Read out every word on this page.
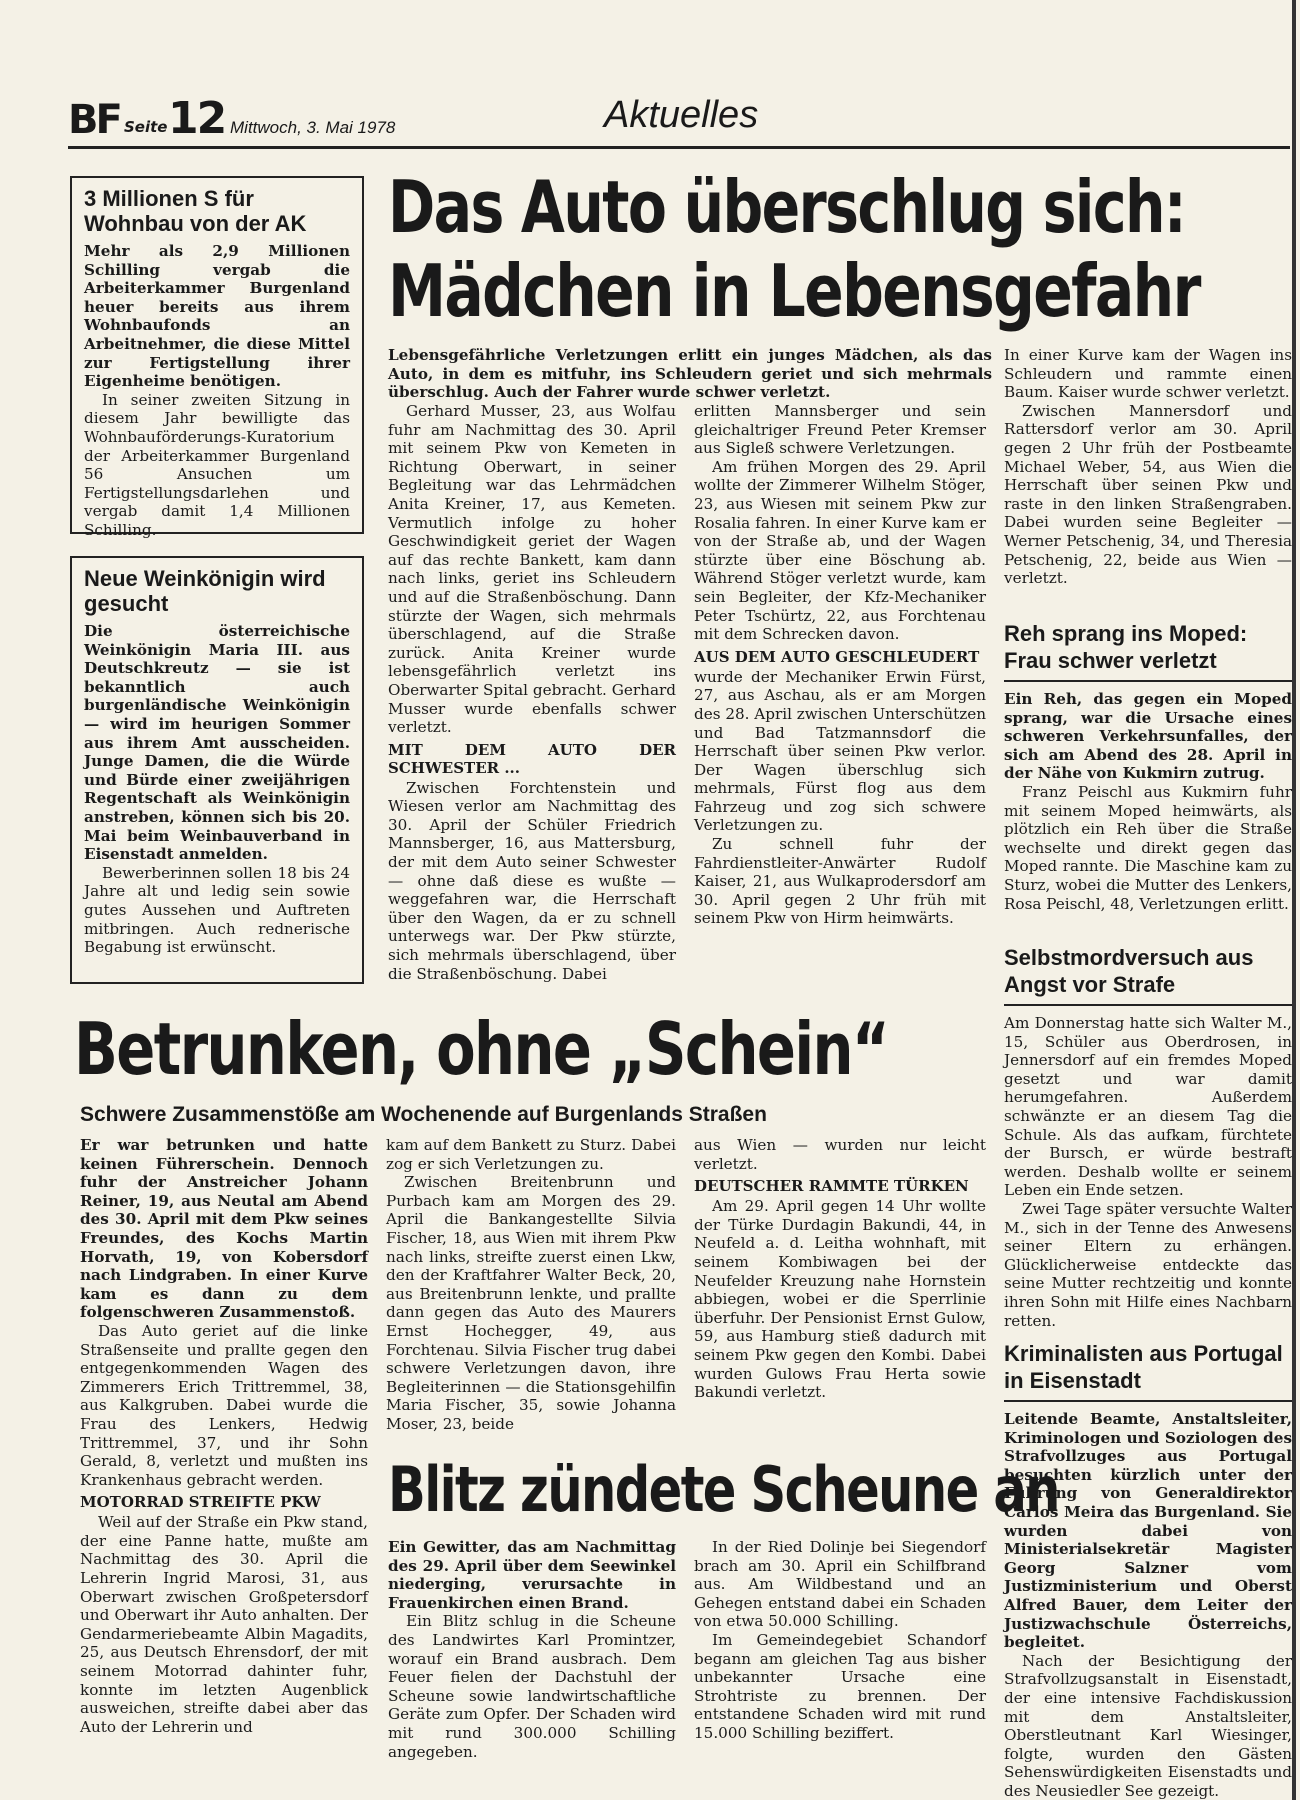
BF Seite 12 Mittwoch, 3. Mai 1978	Aktuelles
3 Millionen S für Wohnbau von der AK

Mehr als 2,9 Millionen Schilling vergab die Arbeiterkammer Burgenland heuer bereits aus ihrem Wohnbaufonds an Arbeitnehmer, die diese Mittel zur Fertigstellung ihrer Eigenheime benötigen.

In seiner zweiten Sitzung in diesem Jahr bewilligte das Wohnbauförderungs-Kuratorium der Arbeiterkammer Burgenland 56 Ansuchen um Fertigstellungsdarlehen und vergab damit 1,4 Millionen Schilling.

Neue Weinkönigin wird gesucht

Die österreichische Weinkönigin Maria III. aus Deutschkreutz — sie ist bekanntlich auch burgenländische Weinkönigin — wird im heurigen Sommer aus ihrem Amt ausscheiden. Junge Damen, die die Würde und Bürde einer zweijährigen Regentschaft als Weinkönigin anstreben, können sich bis 20. Mai beim Weinbauverband in Eisenstadt anmelden.

Bewerberinnen sollen 18 bis 24 Jahre alt und ledig sein sowie gutes Aussehen und Auftreten mitbringen. Auch rednerische Begabung ist erwünscht.

Das Auto überschlug sich:
Mädchen in Lebensgefahr

Lebensgefährliche Verletzungen erlitt ein junges Mädchen, als das Auto, in dem es mitfuhr, ins Schleudern geriet und sich mehrmals überschlug. Auch der Fahrer wurde schwer verletzt.

Gerhard Musser, 23, aus Wolfau fuhr am Nachmittag des 30. April mit seinem Pkw von Kemeten in Richtung Oberwart, in seiner Begleitung war das Lehrmädchen Anita Kreiner, 17, aus Kemeten. Vermutlich infolge zu hoher Geschwindigkeit geriet der Wagen auf das rechte Bankett, kam dann nach links, geriet ins Schleudern und auf die Straßenböschung. Dann stürzte der Wagen, sich mehrmals überschlagend, auf die Straße zurück. Anita Kreiner wurde lebensgefährlich verletzt ins Oberwarter Spital gebracht. Gerhard Musser wurde ebenfalls schwer verletzt.

MIT DEM AUTO DER SCHWESTER ...

Zwischen Forchtenstein und Wiesen verlor am Nachmittag des 30. April der Schüler Friedrich Mannsberger, 16, aus Mattersburg, der mit dem Auto seiner Schwester — ohne daß diese es wußte — weggefahren war, die Herrschaft über den Wagen, da er zu schnell unterwegs war. Der Pkw stürzte, sich mehrmals überschlagend, über die Straßenböschung. Dabei

erlitten Mannsberger und sein gleichaltriger Freund Peter Kremser aus Sigleß schwere Verletzungen.

Am frühen Morgen des 29. April wollte der Zimmerer Wilhelm Stöger, 23, aus Wiesen mit seinem Pkw zur Rosalia fahren. In einer Kurve kam er von der Straße ab, und der Wagen stürzte über eine Böschung ab. Während Stöger verletzt wurde, kam sein Begleiter, der Kfz-Mechaniker Peter Tschürtz, 22, aus Forchtenau mit dem Schrecken davon.

AUS DEM AUTO GESCHLEUDERT

wurde der Mechaniker Erwin Fürst, 27, aus Aschau, als er am Morgen des 28. April zwischen Unterschützen und Bad Tatzmannsdorf die Herrschaft über seinen Pkw verlor. Der Wagen überschlug sich mehrmals, Fürst flog aus dem Fahrzeug und zog sich schwere Verletzungen zu.

Zu schnell fuhr der Fahrdienstleiter-Anwärter Rudolf Kaiser, 21, aus Wulkaprodersdorf am 30. April gegen 2 Uhr früh mit seinem Pkw von Hirm heimwärts.

In einer Kurve kam der Wagen ins Schleudern und rammte einen Baum. Kaiser wurde schwer verletzt.

Zwischen Mannersdorf und Rattersdorf verlor am 30. April gegen 2 Uhr früh der Postbeamte Michael Weber, 54, aus Wien die Herrschaft über seinen Pkw und raste in den linken Straßengraben. Dabei wurden seine Begleiter — Werner Petschenig, 34, und Theresia Petschenig, 22, beide aus Wien — verletzt.

Reh sprang ins Moped: Frau schwer verletzt

Ein Reh, das gegen ein Moped sprang, war die Ursache eines schweren Verkehrsunfalles, der sich am Abend des 28. April in der Nähe von Kukmirn zutrug.

Franz Peischl aus Kukmirn fuhr mit seinem Moped heimwärts, als plötzlich ein Reh über die Straße wechselte und direkt gegen das Moped rannte. Die Maschine kam zu Sturz, wobei die Mutter des Lenkers, Rosa Peischl, 48, Verletzungen erlitt.

Selbstmordversuch aus Angst vor Strafe

Am Donnerstag hatte sich Walter M., 15, Schüler aus Oberdrosen, in Jennersdorf auf ein fremdes Moped gesetzt und war damit herumgefahren. Außerdem schwänzte er an diesem Tag die Schule. Als das aufkam, fürchtete der Bursch, er würde bestraft werden. Deshalb wollte er seinem Leben ein Ende setzen.

Zwei Tage später versuchte Walter M., sich in der Tenne des Anwesens seiner Eltern zu erhängen. Glücklicherweise entdeckte das seine Mutter rechtzeitig und konnte ihren Sohn mit Hilfe eines Nachbarn retten.

Kriminalisten aus Portugal in Eisenstadt

Leitende Beamte, Anstaltsleiter, Kriminologen und Soziologen des Strafvollzuges aus Portugal besuchten kürzlich unter der Führung von Generaldirektor Carlos Meira das Burgenland. Sie wurden dabei von Ministerialsekretär Magister Georg Salzner vom Justizministerium und Oberst Alfred Bauer, dem Leiter der Justizwachschule Österreichs, begleitet.

Nach der Besichtigung der Strafvollzugsanstalt in Eisenstadt, der eine intensive Fachdiskussion mit dem Anstaltsleiter, Oberstleutnant Karl Wiesinger, folgte, wurden den Gästen Sehenswürdigkeiten Eisenstadts und des Neusiedler See gezeigt.

Betrunken, ohne „Schein“
Schwere Zusammenstöße am Wochenende auf Burgenlands Straßen

Er war betrunken und hatte keinen Führerschein. Dennoch fuhr der Anstreicher Johann Reiner, 19, aus Neutal am Abend des 30. April mit dem Pkw seines Freundes, des Kochs Martin Horvath, 19, von Kobersdorf nach Lindgraben. In einer Kurve kam es dann zu dem folgenschweren Zusammenstoß.

Das Auto geriet auf die linke Straßenseite und prallte gegen den entgegenkommenden Wagen des Zimmerers Erich Trittremmel, 38, aus Kalkgruben. Dabei wurde die Frau des Lenkers, Hedwig Trittremmel, 37, und ihr Sohn Gerald, 8, verletzt und mußten ins Krankenhaus gebracht werden.

MOTORRAD STREIFTE PKW

Weil auf der Straße ein Pkw stand, der eine Panne hatte, mußte am Nachmittag des 30. April die Lehrerin Ingrid Marosi, 31, aus Oberwart zwischen Großpetersdorf und Oberwart ihr Auto anhalten. Der Gendarmeriebeamte Albin Magadits, 25, aus Deutsch Ehrensdorf, der mit seinem Motorrad dahinter fuhr, konnte im letzten Augenblick ausweichen, streifte dabei aber das Auto der Lehrerin und

kam auf dem Bankett zu Sturz. Dabei zog er sich Verletzungen zu.

Zwischen Breitenbrunn und Purbach kam am Morgen des 29. April die Bankangestellte Silvia Fischer, 18, aus Wien mit ihrem Pkw nach links, streifte zuerst einen Lkw, den der Kraftfahrer Walter Beck, 20, aus Breitenbrunn lenkte, und prallte dann gegen das Auto des Maurers Ernst Hochegger, 49, aus Forchtenau. Silvia Fischer trug dabei schwere Verletzungen davon, ihre Begleiterinnen — die Stationsgehilfin Maria Fischer, 35, sowie Johanna Moser, 23, beide

aus Wien — wurden nur leicht verletzt.

DEUTSCHER RAMMTE TÜRKEN

Am 29. April gegen 14 Uhr wollte der Türke Durdagin Bakundi, 44, in Neufeld a. d. Leitha wohnhaft, mit seinem Kombiwagen bei der Neufelder Kreuzung nahe Hornstein abbiegen, wobei er die Sperrlinie überfuhr. Der Pensionist Ernst Gulow, 59, aus Hamburg stieß dadurch mit seinem Pkw gegen den Kombi. Dabei wurden Gulows Frau Herta sowie Bakundi verletzt.

Blitz zündete Scheune an

Ein Gewitter, das am Nachmittag des 29. April über dem Seewinkel niederging, verursachte in Frauenkirchen einen Brand.

Ein Blitz schlug in die Scheune des Landwirtes Karl Promintzer, worauf ein Brand ausbrach. Dem Feuer fielen der Dachstuhl der Scheune sowie landwirtschaftliche Geräte zum Opfer. Der Schaden wird mit rund 300.000 Schilling angegeben.

In der Ried Dolinje bei Siegendorf brach am 30. April ein Schilfbrand aus. Am Wildbestand und an Gehegen entstand dabei ein Schaden von etwa 50.000 Schilling.

Im Gemeindegebiet Schandorf begann am gleichen Tag aus bisher unbekannter Ursache eine Strohtriste zu brennen. Der entstandene Schaden wird mit rund 15.000 Schilling beziffert.
